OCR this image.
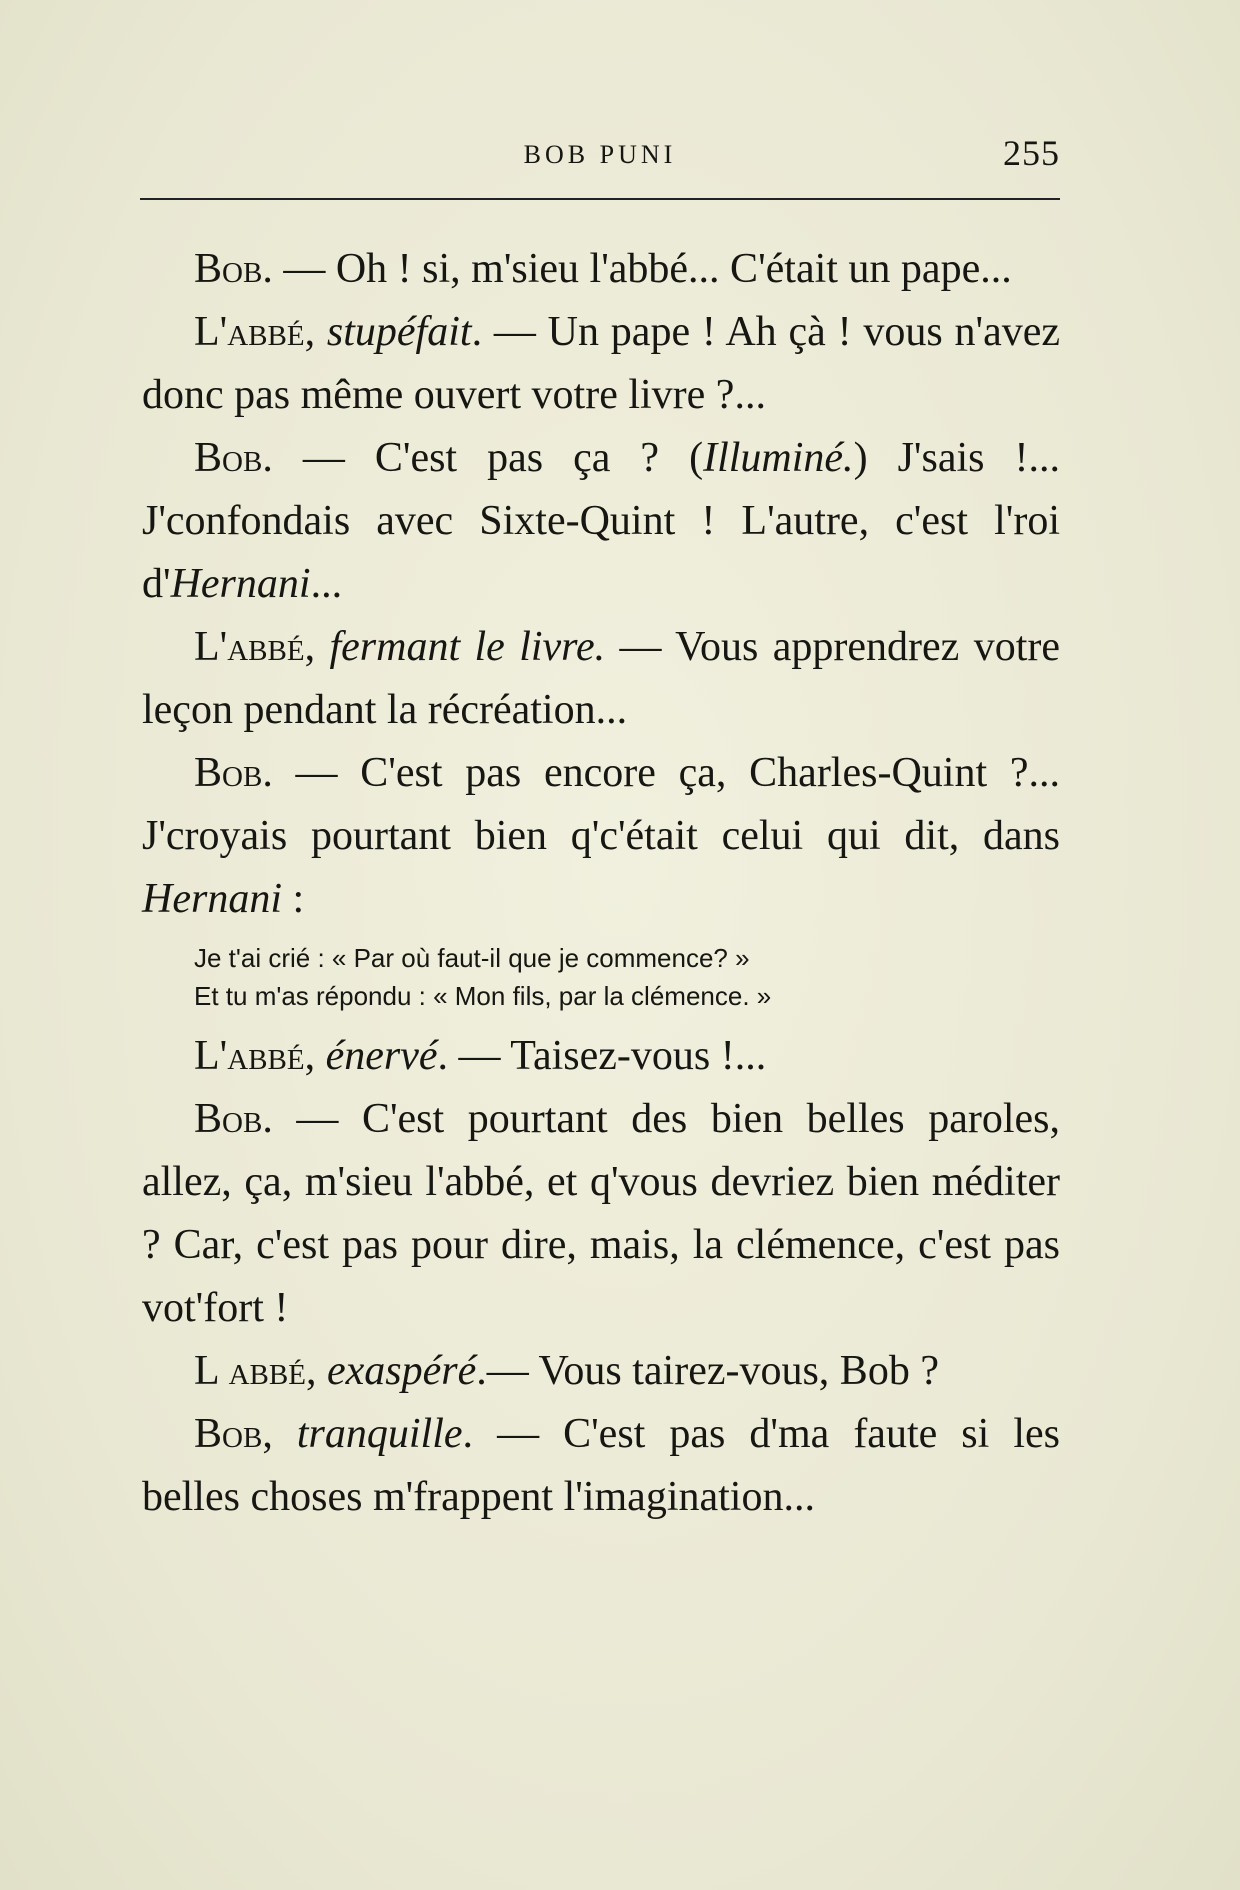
BOB PUNI	255

Bob. — Oh ! si, m'sieu l'abbé... C'était un pape...

L'abbé, stupéfait. — Un pape ! Ah çà ! vous n'avez donc pas même ouvert votre livre ?...

Bob. — C'est pas ça ? (Illuminé.) J'sais !... J'confondais avec Sixte-Quint ! L'autre, c'est l'roi d'Hernani...

L'abbé, fermant le livre. — Vous apprendrez votre leçon pendant la récréation...

Bob. — C'est pas encore ça, Charles-Quint ?... J'croyais pourtant bien q'c'était celui qui dit, dans Hernani :

Je t'ai crié : « Par où faut-il que je commence? »
Et tu m'as répondu : « Mon fils, par la clémence. »

L'abbé, énervé. — Taisez-vous !...

Bob. — C'est pourtant des bien belles paroles, allez, ça, m'sieu l'abbé, et q'vous devriez bien méditer ? Car, c'est pas pour dire, mais, la clémence, c'est pas vot'fort !

L abbé, exaspéré.— Vous tairez-vous, Bob ?

Bob, tranquille. — C'est pas d'ma faute si les belles choses m'frappent l'imagination...
